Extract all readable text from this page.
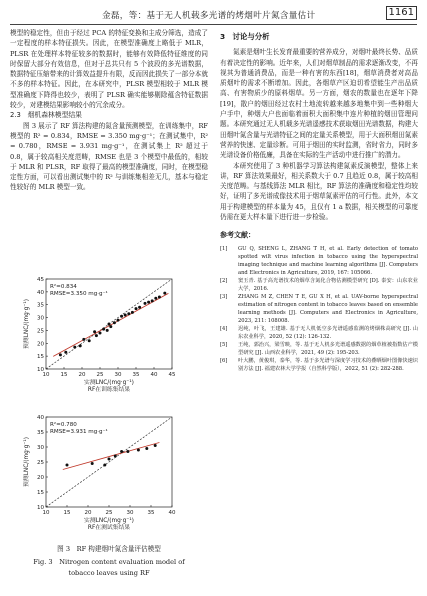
金磊，等：基于无人机载多光谱的烤烟叶片氮含量估计	1161

模型的稳定性，但由于经过 PCA 的特征变换和主成分筛选，造成了一定程度的样本特征损失。因此，在模型准确度上略低于 MLR，PLSR 在处理样本特征较多的数据时，能够有效降低特征维度的同时保留大部分有效信息，但对于总共只有 5 个波段的多光谱数据，数据特征压缩带来的计算效益提升有限，反而因此损失了一部分本就不多的样本特征。因此，在本研究中，PLSR 模型相较于 MLR 模型准确度下降得也较少，表明了 PLSR 确实能够剔除蕴含特征数据较少，对建模结果影响较小的冗余成分。

2.3　烟机森林模型结果

图 3 展示了 RF 算法构建的氮含量预测模型，在训练集中，RF 模型的 R² = 0.834，RMSE = 3.350 mg·g⁻¹；在测试集中，R² = 0.780，RMSE = 3.931 mg·g⁻¹，在测试集上 R² 超过于 0.8，属于较高相关度范畴，RMSE 也是 3 个模型中最低的，相较于 MLR 和 PLSR，RF 取得了最高的模型准确度，同时，在模型稳定性方面，可以看出测试集中的 R² 与训练集相差无几，基本与稳定性较好的 MLR 模型一致。

10 15 20 25 30 35 40 45
10
15
20
25
30
35
40
45
R²=0.834
RMSE=3.350 mg·g⁻¹
实测LNC/(mg·g⁻¹)
预测LNC/(mg·g⁻¹)
RF在训练集结果
10	15	20	25	30	35	40
10
15
20
25
30
35
40
R²=0.780
RMSE=3.931 mg·g⁻¹
实测LNC/(mg·g⁻¹)
预测LNC/(mg·g⁻¹)
RF在测试集结果
图 3　RF 构建烟叶氮含量评估模型
Fig. 3　Nitrogen content evaluation model of
tobacco leaves using RF
3　讨论与分析

氮素是烟叶生长发育最重要的营养成分，对烟叶最终长势、品质有着决定性的影响。近年来，人们对烟草制品的需求逐渐改变，不再视其为普通消费品，而是一种有害的东西[18]，烟草消费者对高品质烟叶的需求不断增加。因此，各烟草产区迫切希望能生产出品质高、有害物质少的原料烟草。另一方面，烟农的数量也在逐年下降[19]，散户的烟田经过农村土地流转越来越多地集中到一些种烟大户手中，种烟大户也面临着面积大面积集中连片种植的烟田管理问题。本研究通过无人机载多光谱遥感技术获取烟田光谱数据，构建大田烟叶氮含量与光谱特征之间的定量关系模型，用于大面积烟田氮素营养的快速、定量诊断。可用于烟田的实时监测，省时省力，同时多光谱设备价格低廉，具备在实际的生产活动中进行推广的潜力。

本研究使用了 3 种机器学习算法构建氮素反演模型，整体上来讲，RF 算法效果最好，相关系数大于 0.7 且趋近 0.8，属于较高相关度范畴。与基线算法 MLR 相比，RF 算法的准确度和稳定性均较好，证明了多光谱成像技术用于烟草氮素评估的可行性。此外，本文用于构建模型的样本量为 45，且仅有 1 a 数据，相关模型的可靠度仍需在更大样本量下进行进一步检验。

参考文献：
[1]	GU Q, SHENG L, ZHANG T H, et al. Early detection of tomato spotted wilt virus infection in tobacco using the hyperspectral imaging technique and machine learning algorithms [J]. Computers and Electronics in Agriculture, 2019, 167: 105066.
[2]	窦玉青. 基于高光谱技术的烟草含氮化合物估测模型研究 [D]. 泰安：山东农业大学，2016.
[3]	ZHANG M Z, CHEN T E, GU X H, et al. UAV-borne hyperspectral estimation of nitrogen content in tobacco leaves based on ensemble learning methods [J]. Computers and Electronics in Agriculture, 2023, 211: 108008.
[4]	迟纯，叶飞，王建雄. 基于无人机低空多光谱遥感监测的烤烟株高研究 [J]. 山东农业科学，2020, 52 (12): 126-132.
[5]	王纯，郭治兴，梁雪映，等. 基于无人机多光谱遥感数据的烟草植被指数估产模型研究 [J]. 山西农业科学，2021, 49 (2): 195-203.
[6]	叶大鹏，黄俊琪，泰华，等. 基于多光谱与深度学习技术的叠晒烟叶图像快速识别方法 [J]. 福建农林大学学报（自然科学版），2022, 51 (2): 282-288.
